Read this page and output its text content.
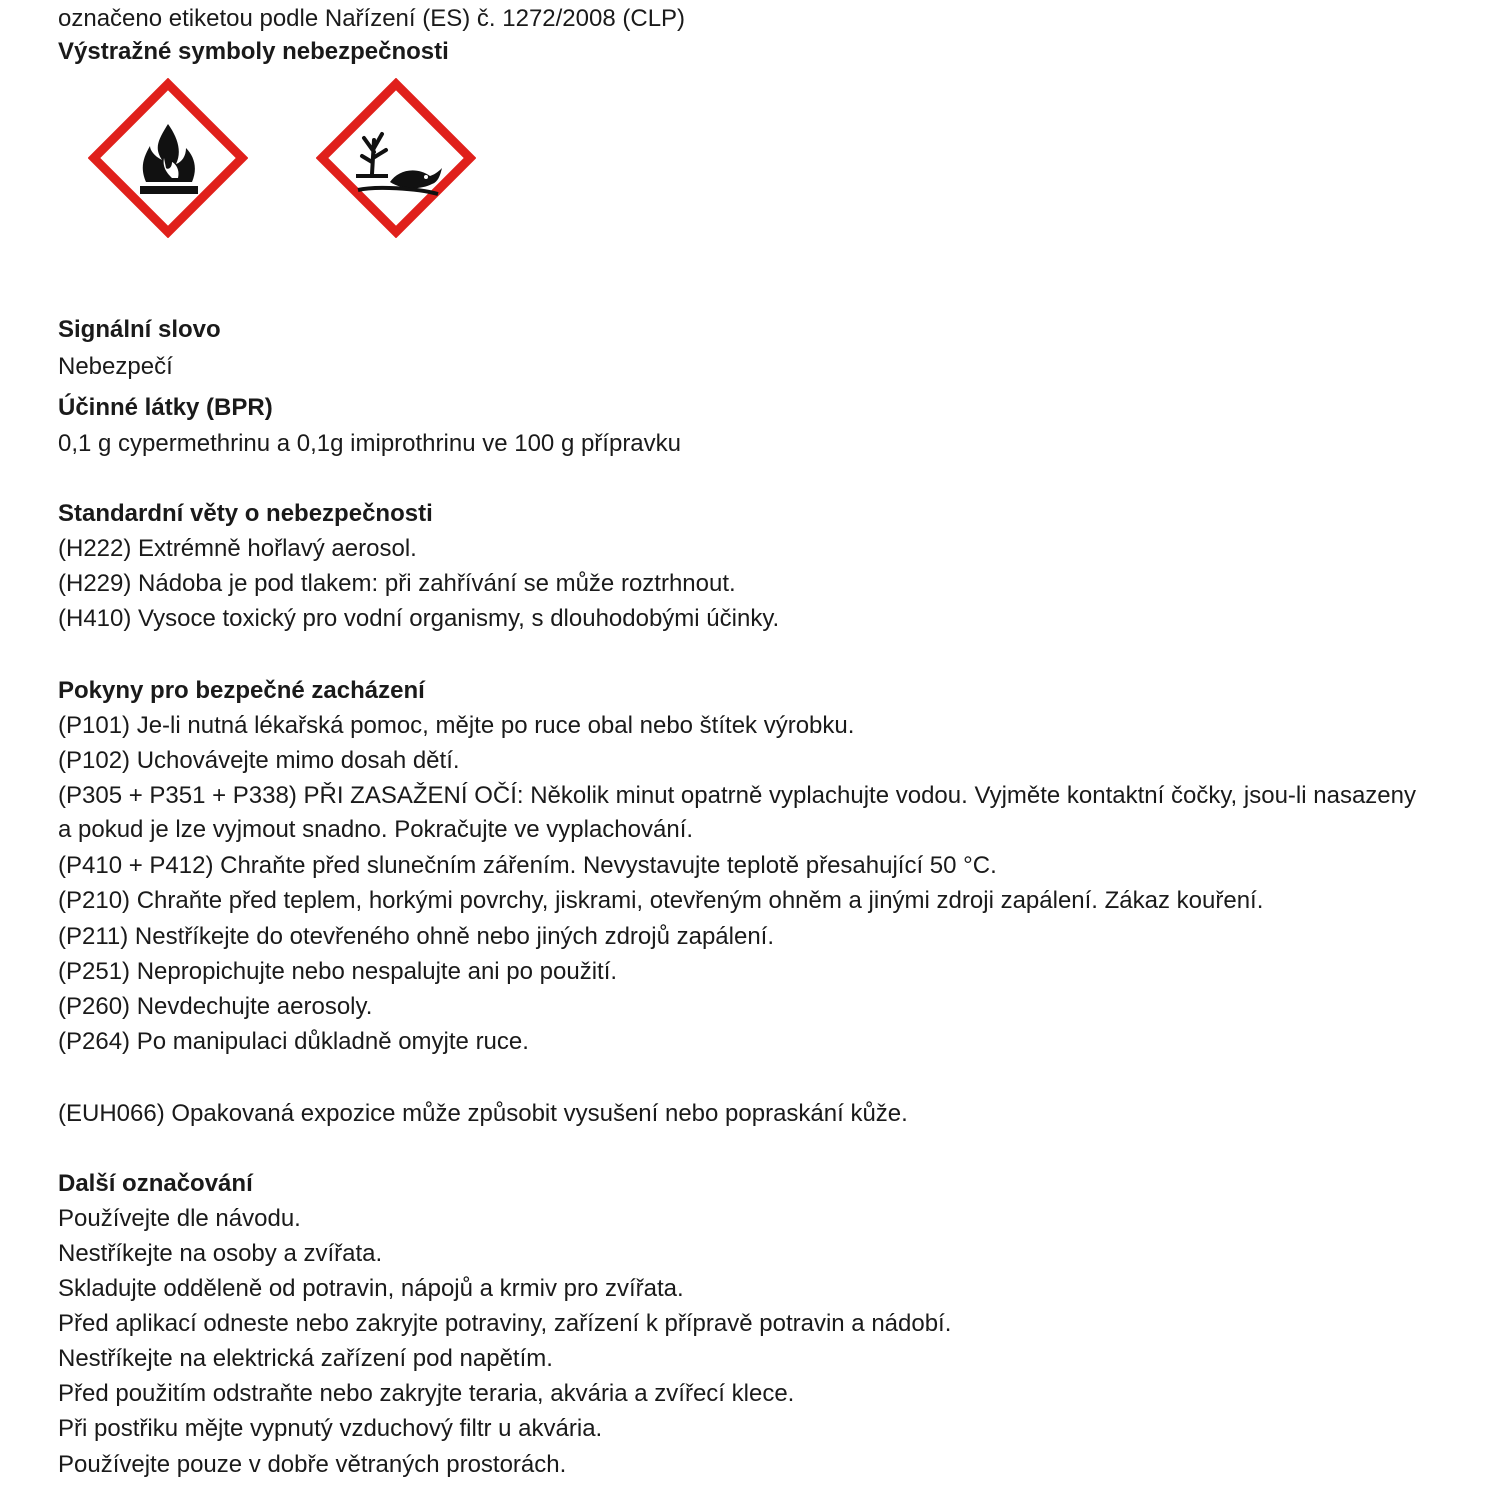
označeno etiketou podle Nařízení (ES) č. 1272/2008 (CLP)
Výstražné symboly nebezpečnosti
Signální slovo
Nebezpečí
Účinné látky (BPR)
0,1 g cypermethrinu a 0,1g imiprothrinu ve 100 g přípravku
Standardní věty o nebezpečnosti
(H222) Extrémně hořlavý aerosol.
(H229) Nádoba je pod tlakem: při zahřívání se může roztrhnout.
(H410) Vysoce toxický pro vodní organismy, s dlouhodobými účinky.
Pokyny pro bezpečné zacházení
(P101) Je-li nutná lékařská pomoc, mějte po ruce obal nebo štítek výrobku.
(P102) Uchovávejte mimo dosah dětí.
(P305 + P351 + P338) PŘI ZASAŽENÍ OČÍ: Několik minut opatrně vyplachujte vodou. Vyjměte kontaktní čočky, jsou-li nasazeny a pokud je lze vyjmout snadno. Pokračujte ve vyplachování.
(P410 + P412) Chraňte před slunečním zářením. Nevystavujte teplotě přesahující 50 °C.
(P210) Chraňte před teplem, horkými povrchy, jiskrami, otevřeným ohněm a jinými zdroji zapálení. Zákaz kouření.
(P211) Nestříkejte do otevřeného ohně nebo jiných zdrojů zapálení.
(P251) Nepropichujte nebo nespalujte ani po použití.
(P260) Nevdechujte aerosoly.
(P264) Po manipulaci důkladně omyjte ruce.
(EUH066) Opakovaná expozice může způsobit vysušení nebo popraskání kůže.
Další označování
Používejte dle návodu.
Nestříkejte na osoby a zvířata.
Skladujte odděleně od potravin, nápojů a krmiv pro zvířata.
Před aplikací odneste nebo zakryjte potraviny, zařízení k přípravě potravin a nádobí.
Nestříkejte na elektrická zařízení pod napětím.
Před použitím odstraňte nebo zakryjte teraria, akvária a zvířecí klece.
Při postřiku mějte vypnutý vzduchový filtr u akvária.
Používejte pouze v dobře větraných prostorách.
